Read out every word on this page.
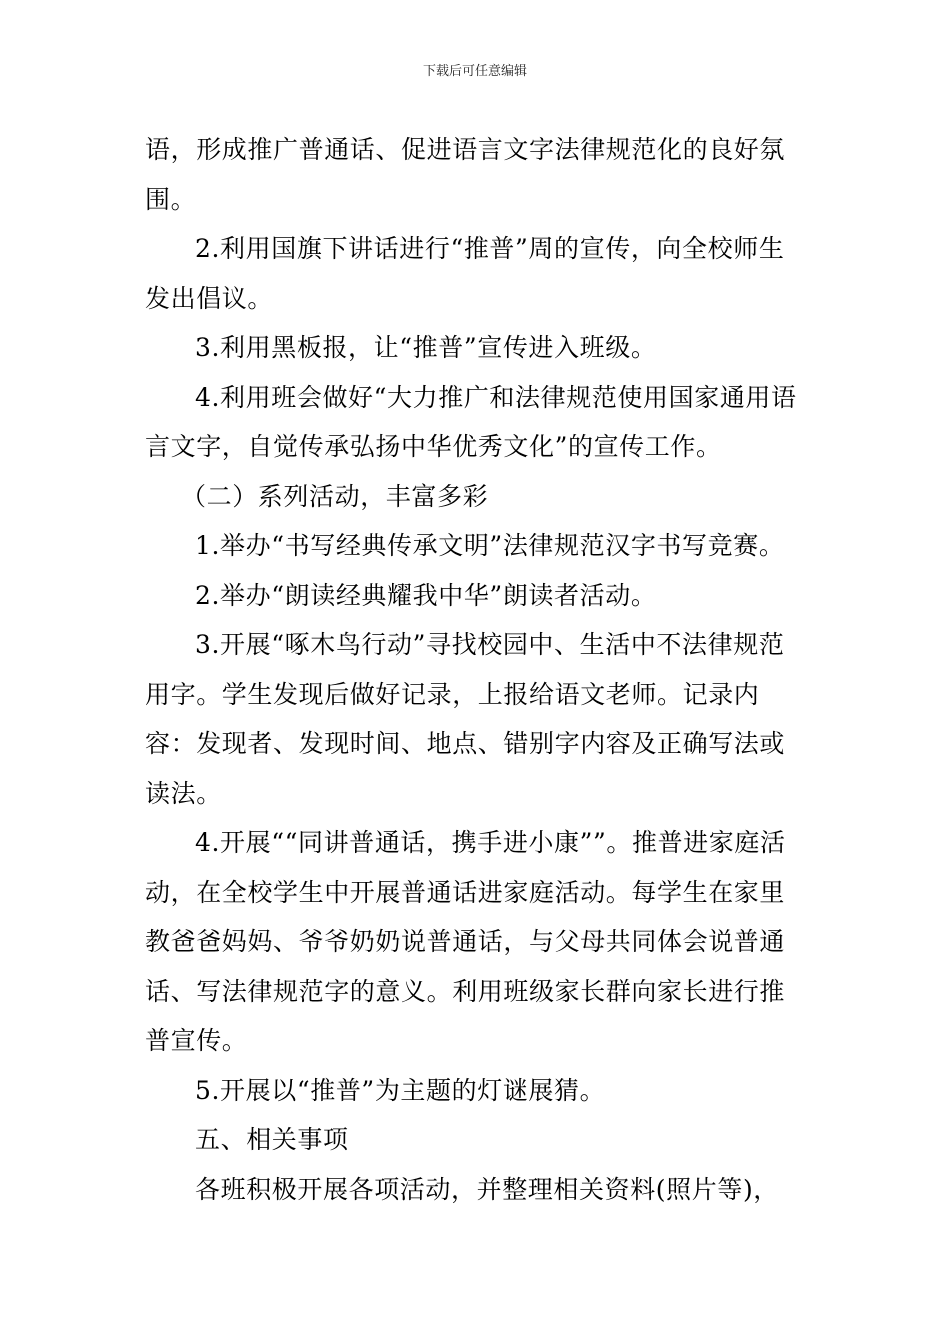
下载后可任意编辑

语，形成推广普通话、促进语言文字法律规范化的良好氛围。

2.利用国旗下讲话进行“推普”周的宣传，向全校师生发出倡议。

3.利用黑板报，让“推普”宣传进入班级。

4.利用班会做好“大力推广和法律规范使用国家通用语言文字，自觉传承弘扬中华优秀文化”的宣传工作。

（二）系列活动，丰富多彩

1.举办“书写经典传承文明”法律规范汉字书写竞赛。

2.举办“朗读经典耀我中华”朗读者活动。

3.开展“啄木鸟行动”寻找校园中、生活中不法律规范用字。学生发现后做好记录，上报给语文老师。记录内容：发现者、发现时间、地点、错别字内容及正确写法或读法。

4.开展““同讲普通话，携手进小康””。推普进家庭活动，在全校学生中开展普通话进家庭活动。每学生在家里教爸爸妈妈、爷爷奶奶说普通话，与父母共同体会说普通话、写法律规范字的意义。利用班级家长群向家长进行推普宣传。

5.开展以“推普”为主题的灯谜展猜。

五、相关事项

各班积极开展各项活动，并整理相关资料(照片等)，
